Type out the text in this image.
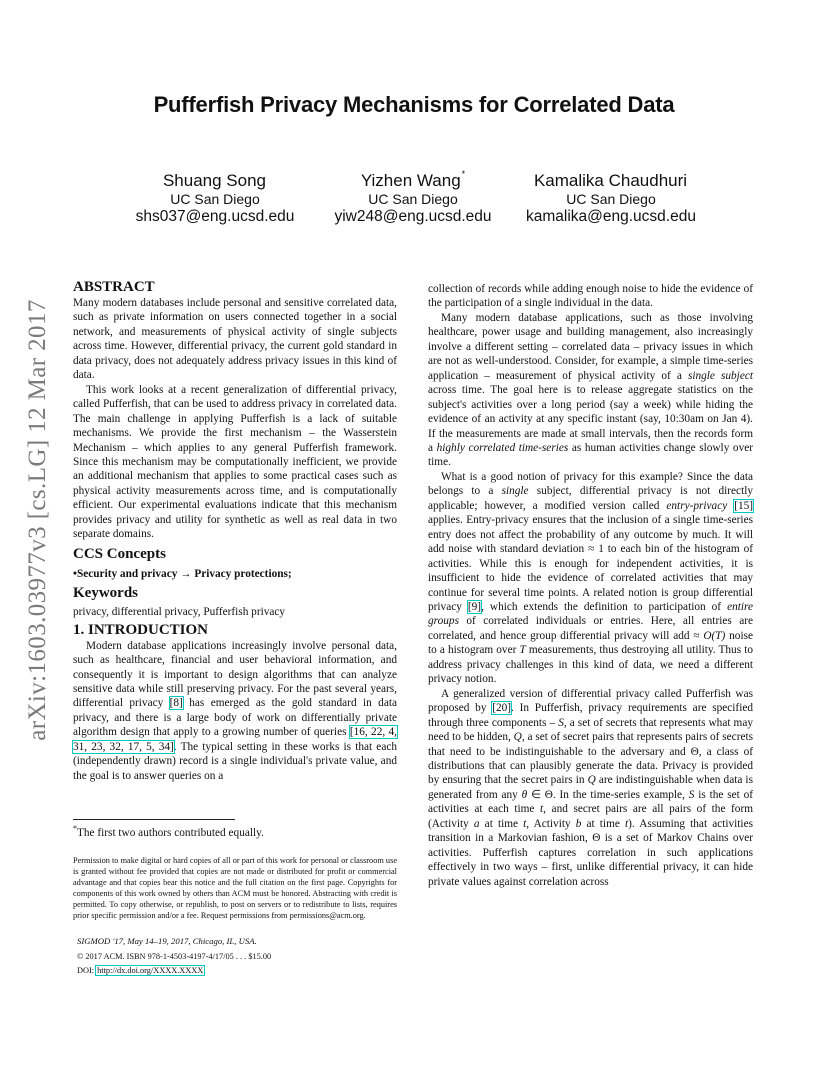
Pufferfish Privacy Mechanisms for Correlated Data
Shuang Song
UC San Diego
shs037@eng.ucsd.edu
Yizhen Wang*
UC San Diego
yiw248@eng.ucsd.edu
Kamalika Chaudhuri
UC San Diego
kamalika@eng.ucsd.edu
arXiv:1603.03977v3 [cs.LG] 12 Mar 2017
ABSTRACT

Many modern databases include personal and sensitive correlated data, such as private information on users connected together in a social network, and measurements of physical activity of single subjects across time. However, differential privacy, the current gold standard in data privacy, does not adequately address privacy issues in this kind of data.

This work looks at a recent generalization of differential privacy, called Pufferfish, that can be used to address privacy in correlated data. The main challenge in applying Pufferfish is a lack of suitable mechanisms. We provide the first mechanism – the Wasserstein Mechanism – which applies to any general Pufferfish framework. Since this mechanism may be computationally inefficient, we provide an additional mechanism that applies to some practical cases such as physical activity measurements across time, and is computationally efficient. Our experimental evaluations indicate that this mechanism provides privacy and utility for synthetic as well as real data in two separate domains.

CCS Concepts

•Security and privacy → Privacy protections;

Keywords

privacy, differential privacy, Pufferfish privacy

1. INTRODUCTION

Modern database applications increasingly involve personal data, such as healthcare, financial and user behavioral information, and consequently it is important to design algorithms that can analyze sensitive data while still preserving privacy. For the past several years, differential privacy [8] has emerged as the gold standard in data privacy, and there is a large body of work on differentially private algorithm design that apply to a growing number of queries [16, 22, 4, 31, 23, 32, 17, 5, 34]. The typical setting in these works is that each (independently drawn) record is a single individual's private value, and the goal is to answer queries on a

*The first two authors contributed equally.
Permission to make digital or hard copies of all or part of this work for personal or classroom use is granted without fee provided that copies are not made or distributed for profit or commercial advantage and that copies bear this notice and the full citation on the first page. Copyrights for components of this work owned by others than ACM must be honored. Abstracting with credit is permitted. To copy otherwise, or republish, to post on servers or to redistribute to lists, requires prior specific permission and/or a fee. Request permissions from permissions@acm.org.
SIGMOD '17, May 14–19, 2017, Chicago, IL, USA.
© 2017 ACM. ISBN 978-1-4503-4197-4/17/05 . . . $15.00
DOI: http://dx.doi.org/XXXX.XXXX

collection of records while adding enough noise to hide the evidence of the participation of a single individual in the data.

Many modern database applications, such as those involving healthcare, power usage and building management, also increasingly involve a different setting – correlated data – privacy issues in which are not as well-understood. Consider, for example, a simple time-series application – measurement of physical activity of a single subject across time. The goal here is to release aggregate statistics on the subject's activities over a long period (say a week) while hiding the evidence of an activity at any specific instant (say, 10:30am on Jan 4). If the measurements are made at small intervals, then the records form a highly correlated time-series as human activities change slowly over time.

What is a good notion of privacy for this example? Since the data belongs to a single subject, differential privacy is not directly applicable; however, a modified version called entry-privacy [15] applies. Entry-privacy ensures that the inclusion of a single time-series entry does not affect the probability of any outcome by much. It will add noise with standard deviation ≈ 1 to each bin of the histogram of activities. While this is enough for independent activities, it is insufficient to hide the evidence of correlated activities that may continue for several time points. A related notion is group differential privacy [9], which extends the definition to participation of entire groups of correlated individuals or entries. Here, all entries are correlated, and hence group differential privacy will add ≈ O(T) noise to a histogram over T measurements, thus destroying all utility. Thus to address privacy challenges in this kind of data, we need a different privacy notion.

A generalized version of differential privacy called Pufferfish was proposed by [20]. In Pufferfish, privacy requirements are specified through three components – S, a set of secrets that represents what may need to be hidden, Q, a set of secret pairs that represents pairs of secrets that need to be indistinguishable to the adversary and Θ, a class of distributions that can plausibly generate the data. Privacy is provided by ensuring that the secret pairs in Q are indistinguishable when data is generated from any θ ∈ Θ. In the time-series example, S is the set of activities at each time t, and secret pairs are all pairs of the form (Activity a at time t, Activity b at time t). Assuming that activities transition in a Markovian fashion, Θ is a set of Markov Chains over activities. Pufferfish captures correlation in such applications effectively in two ways – first, unlike differential privacy, it can hide private values against correlation across
